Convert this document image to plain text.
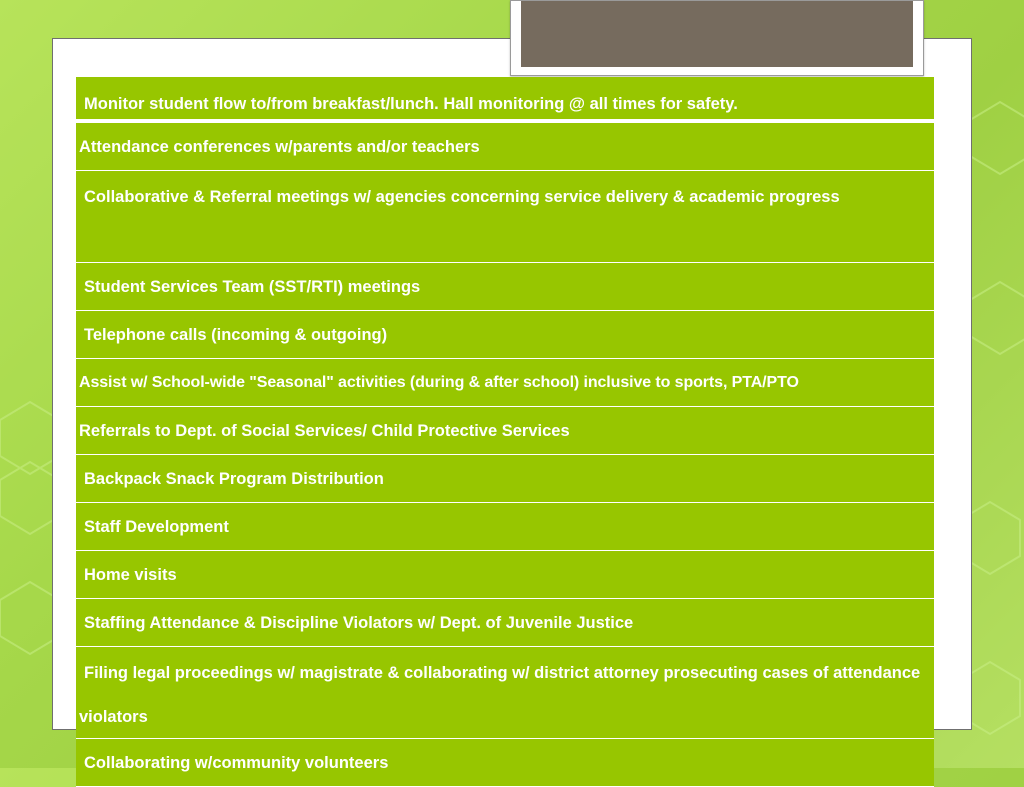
Monitor student flow to/from breakfast/lunch. Hall monitoring @ all times for safety.
Attendance conferences w/parents and/or teachers
Collaborative & Referral meetings w/ agencies concerning service delivery & academic progress
Student Services Team (SST/RTI) meetings
Telephone calls (incoming & outgoing)
Assist w/ School-wide "Seasonal" activities (during & after school) inclusive to sports, PTA/PTO
Referrals to Dept. of Social Services/ Child Protective Services
Backpack Snack Program Distribution
Staff Development
Home visits
Staffing Attendance & Discipline Violators w/ Dept. of Juvenile Justice
Filing legal proceedings w/ magistrate & collaborating w/ district attorney prosecuting cases of attendance violators
Collaborating w/community volunteers
